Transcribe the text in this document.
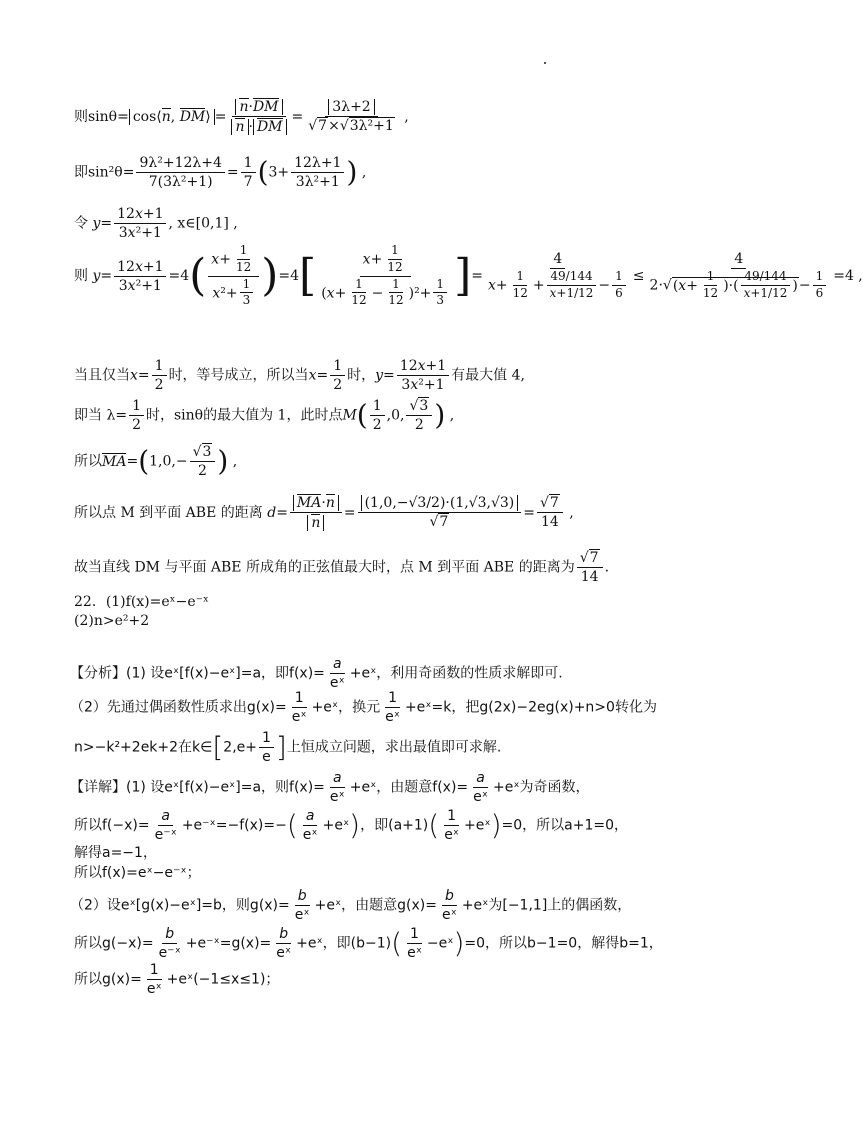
则sinθ= cos⟨n, DM⟩ = $\frac{n\cdot DM}{n \cdot DM} = \frac{3\lambda+2}{\text{√7×√3λ²+1}}$ ,
即$\sin^2\theta= \frac{\text{9λ²+12λ+4}}{\text{7(3λ²+1)}} = \frac{1}{7} (3+ \frac{12\lambda+1}{\text{3λ²+1}}$ ) ,
令 $y= \frac{12x+1}{\text{3x²+1}}$ , x∈[0,1] ,
则 $y= \frac{12x+1}{\text{3x²+1}} =4( \frac{x+ \frac{1}{12}}{x^2+ \frac{1}{3}} )=4[ \frac{x+ \frac{1}{12}}{(x+ \frac{1}{12} - \frac{1}{12} )^2+ \frac{1}{3}}$ ]= $\frac{4}{x+ \frac{1}{12} + \frac{49/144}{x+1/12} - \frac{1}{6}} \le \frac{4}{2\cdot√(x+ \frac{1}{12} )\cdot( \frac{49/144}{x+1/12} )- \frac{1}{6}} =4$ ,
当且仅当$x= \frac{1}{2}$ 时，等号成立，所以当$x= \frac{1}{2}$ 时，$y= \frac{12x+1}{\text{3x²+1}}$ 有最大值 4,
即当 $\lambda= \frac{1}{2}$ 时，sinθ的最大值为 1，此时点$M( \frac{1}{2} ,0$, $\frac{√3}{2}$ ) ,
所以$MA=(1,0,- \frac{√3}{2}$ ) ,
所以点 M 到平面 ABE 的距离 $d= \frac{MA\cdot n}{n} = \frac{(1,0,-√3/2)\cdot(1,√3,√3)}{√7} = \frac{√7}{14}$ ,
故当直线 DM 与平面 ABE 所成角的正弦值最大时，点 M 到平面 ABE 的距离为 $\frac{√7}{14}$ .
22．(1)f(x)=eˣ−e⁻ˣ
(2)n>e²+2
【分析】(1) 设eˣ[f(x)−eˣ]=a，即$f(x)= \frac{a}{\text{eˣ}}$ +eˣ，利用奇函数的性质求解即可.
（2）先通过偶函数性质求出$g(x)= \frac{1}{\text{eˣ}}$ +eˣ，换元 $\frac{1}{\text{eˣ}}$ +eˣ=k，把g(2x)−2eg(x)+n>0转化为
n>−k²+2ek+2在k∈[2,e+ $\frac{1}{e}$ ]上恒成立问题，求出最值即可求解.
【详解】(1) 设eˣ[f(x)−eˣ]=a，则$f(x)= \frac{a}{\text{eˣ}}$ +eˣ，由题意$f(x)= \frac{a}{\text{eˣ}}$ +eˣ为奇函数，
所以$f(-x)= \frac{a}{\text{e⁻ˣ}}$ +e⁻ˣ=−f(x)=−( $\frac{a}{\text{eˣ}}$ +eˣ)，即$(a+1)( \frac{1}{\text{eˣ}}$ +eˣ)=0，所以a+1=0，
解得a=−1，
所以f(x)=eˣ−e⁻ˣ；
（2）设eˣ[g(x)−eˣ]=b，则$g(x)= \frac{b}{\text{eˣ}}$ +eˣ，由题意$g(x)= \frac{b}{\text{eˣ}}$ +eˣ为[−1,1]上的偶函数，
所以$g(-x)= \frac{b}{\text{e⁻ˣ}}$ +e⁻ˣ=g(x)= $\frac{b}{\text{eˣ}}$ +eˣ，即$(b-1)( \frac{1}{\text{eˣ}}$ −eˣ)=0，所以b−1=0，解得b=1，
所以$g(x)= \frac{1}{\text{eˣ}}$ +eˣ(−1≤x≤1)；
